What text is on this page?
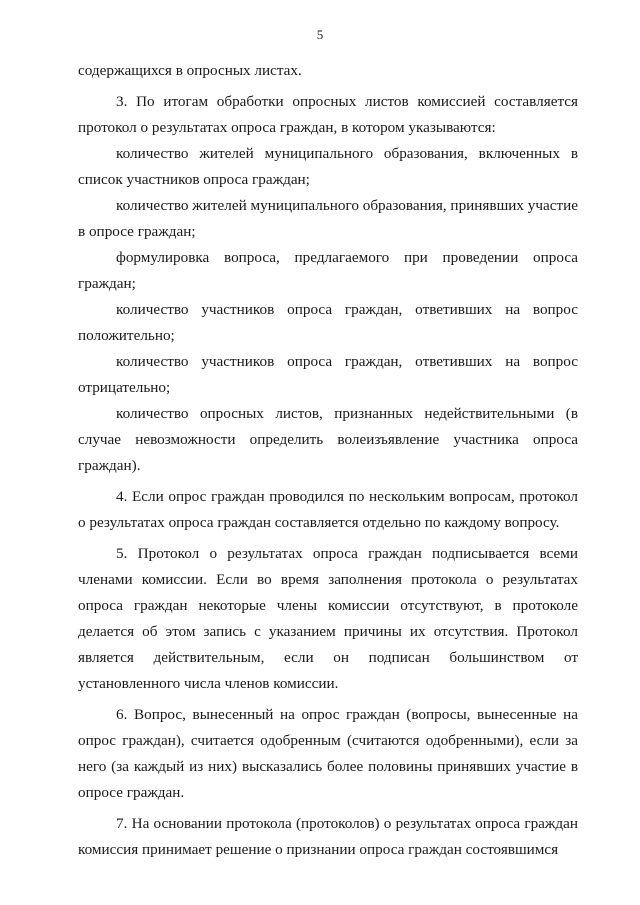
5

содержащихся в опросных листах.

3. По итогам обработки опросных листов комиссией составляется протокол о результатах опроса граждан, в котором указываются:

количество жителей муниципального образования, включенных в список участников опроса граждан;

количество жителей муниципального образования, принявших участие в опросе граждан;

формулировка вопроса, предлагаемого при проведении опроса граждан;

количество участников опроса граждан, ответивших на вопрос положительно;

количество участников опроса граждан, ответивших на вопрос отрицательно;

количество опросных листов, признанных недействительными (в случае невозможности определить волеизъявление участника опроса граждан).

4. Если опрос граждан проводился по нескольким вопросам, протокол о результатах опроса граждан составляется отдельно по каждому вопросу.

5. Протокол о результатах опроса граждан подписывается всеми членами комиссии. Если во время заполнения протокола о результатах опроса граждан некоторые члены комиссии отсутствуют, в протоколе делается об этом запись с указанием причины их отсутствия. Протокол является действительным, если он подписан большинством от установленного числа членов комиссии.

6. Вопрос, вынесенный на опрос граждан (вопросы, вынесенные на опрос граждан), считается одобренным (считаются одобренными), если за него (за каждый из них) высказались более половины принявших участие в опросе граждан.

7. На основании протокола (протоколов) о результатах опроса граждан комиссия принимает решение о признании опроса граждан состоявшимся
